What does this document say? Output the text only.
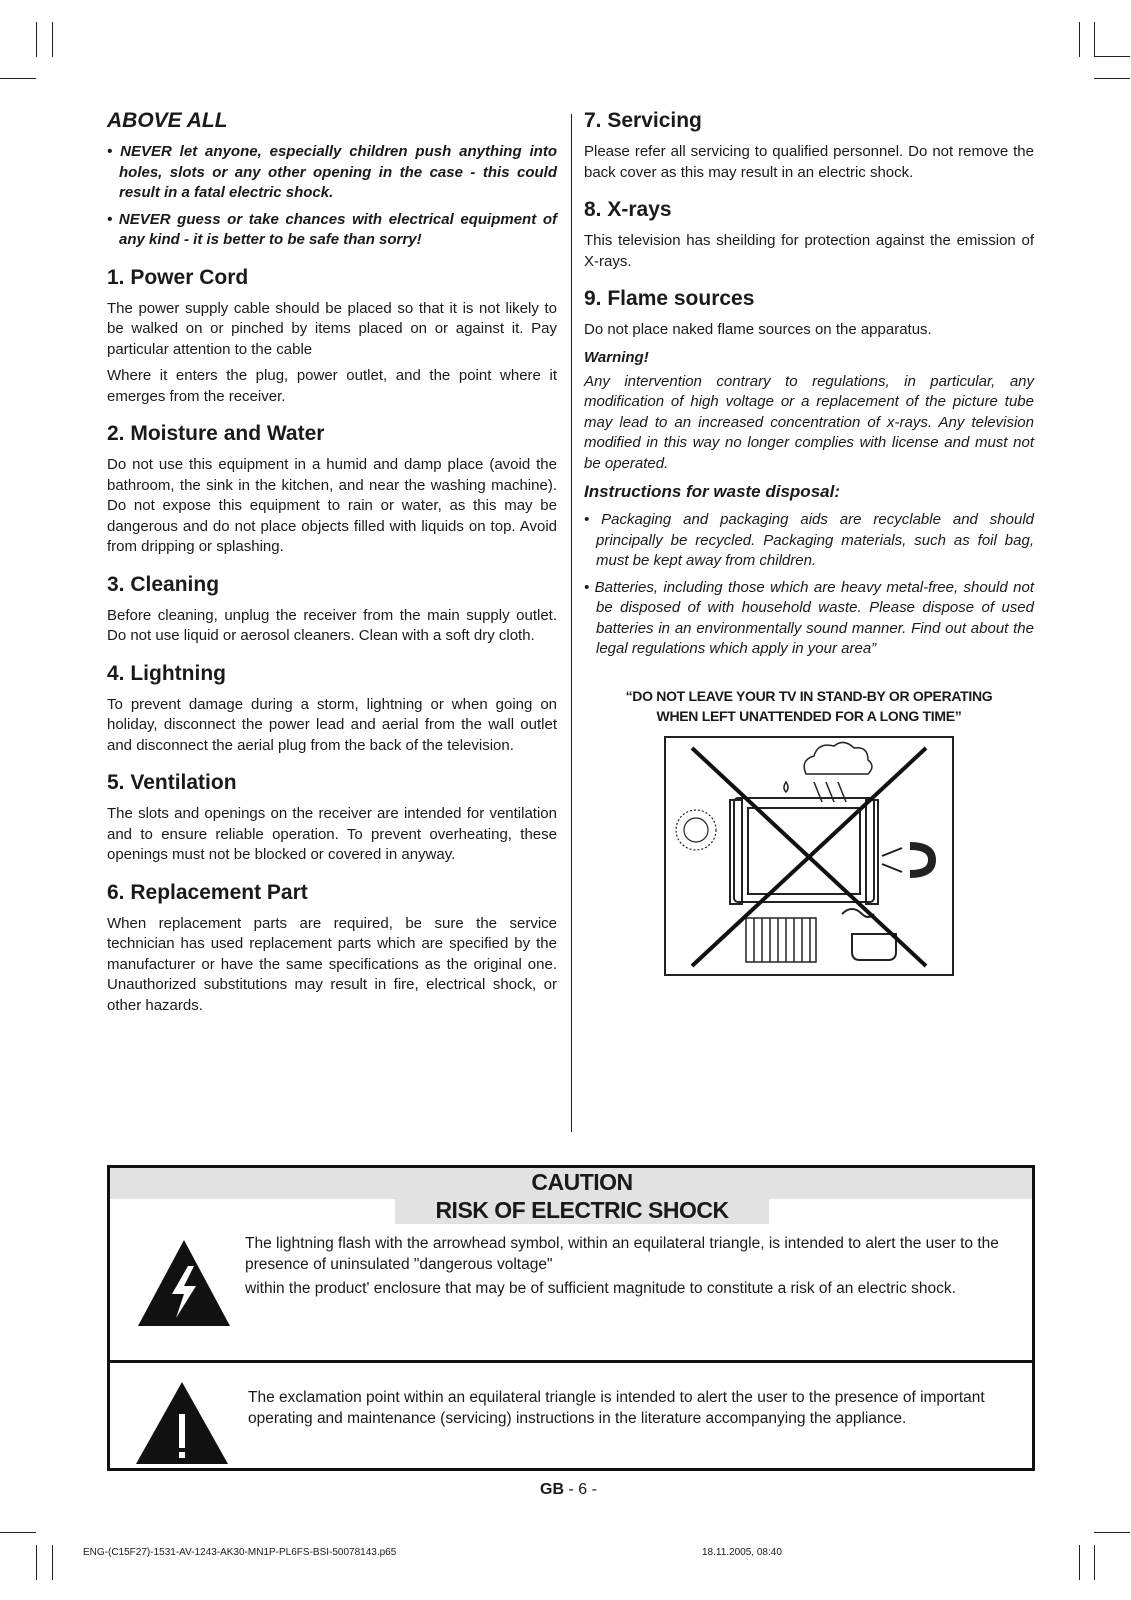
ABOVE ALL
• NEVER let anyone, especially children push anything into holes, slots or any other opening in the case - this could result in a fatal electric shock.
• NEVER guess or take chances with electrical equipment of any kind - it is better to be safe than sorry!
1. Power Cord

The power supply cable should be placed so that it is not likely to be walked on or pinched by items placed on or against it. Pay particular attention to the cable

Where it enters the plug, power outlet, and the point where it emerges from the receiver.

2. Moisture and Water

Do not use this equipment in a humid and damp place (avoid the bathroom, the sink in the kitchen, and near the washing machine). Do not expose this equipment to rain or water, as this may be dangerous and do not place objects filled with liquids on top. Avoid from dripping or splashing.

3. Cleaning

Before cleaning, unplug the receiver from the main supply outlet. Do not use liquid or aerosol cleaners. Clean with a soft dry cloth.

4. Lightning

To prevent damage during a storm, lightning or when going on holiday, disconnect the power lead and aerial from the wall outlet and disconnect the aerial plug from the back of the television.

5. Ventilation

The slots and openings on the receiver are intended for ventilation and to ensure reliable operation. To prevent overheating, these openings must not be blocked or covered in anyway.

6. Replacement Part

When replacement parts are required, be sure the service technician has used replacement parts which are specified by the manufacturer or have the same specifications as the original one. Unauthorized substitutions may result in fire, electrical shock, or other hazards.

7. Servicing

Please refer all servicing to qualified personnel. Do not remove the back cover as this may result in an electric shock.

8. X-rays

This television has sheilding for protection against the emission of X-rays.

9. Flame sources

Do not place naked flame sources on the apparatus.

Warning!

Any intervention contrary to regulations, in particular, any modification of high voltage or a replacement of the picture tube may lead to an increased concentration of x-rays. Any television modified in this way no longer complies with license and must not be operated.

Instructions for waste disposal:
• Packaging and packaging aids are recyclable and should principally be recycled. Packaging materials, such as foil bag, must be kept away from children.
• Batteries, including those which are heavy metal-free, should not be disposed of with household waste. Please dispose of used batteries in an environmentally sound manner. Find out about the legal regulations which apply in your area”
“DO NOT LEAVE YOUR TV IN STAND-BY OR OPERATING
WHEN LEFT UNATTENDED FOR A LONG TIME”
CAUTION
RISK OF ELECTRIC SHOCK
The lightning flash with the arrowhead symbol, within an equilateral triangle, is intended to alert the user to the presence of uninsulated "dangerous voltage"
within the product' enclosure that may be of sufficient magnitude to constitute a risk of an electric shock.
The exclamation point within an equilateral triangle is intended to alert the user to the presence of important operating and maintenance (servicing) instructions in the literature accompanying the appliance.
GB - 6 -
ENG-(C15F27)-1531-AV-1243-AK30-MN1P-PL6FS-BSI-50078143.p65	18.11.2005, 08:40
